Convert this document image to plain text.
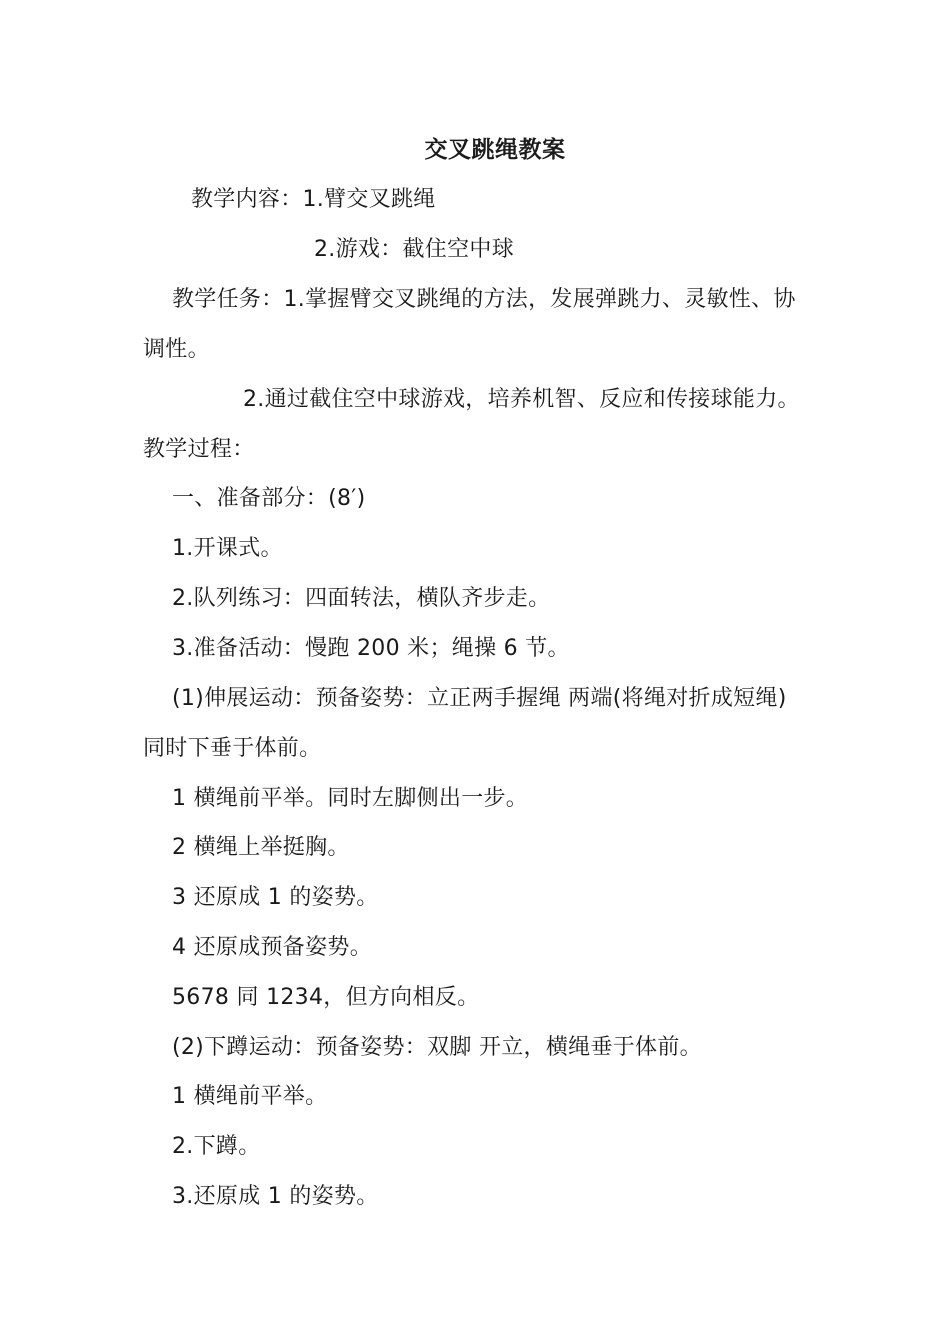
交叉跳绳教案
教学内容：1.臂交叉跳绳
2.游戏：截住空中球
教学任务：1.掌握臂交叉跳绳的方法，发展弹跳力、灵敏性、协
调性。
2.通过截住空中球游戏，培养机智、反应和传接球能力。
教学过程：
一、准备部分：(8′)
1.开课式。
2.队列练习：四面转法，横队齐步走。
3.准备活动：慢跑 200 米；绳操 6 节。
(1)伸展运动：预备姿势：立正两手握绳 两端(将绳对折成短绳)
同时下垂于体前。
1 横绳前平举。同时左脚侧出一步。
2 横绳上举挺胸。
3 还原成 1 的姿势。
4 还原成预备姿势。
5678 同 1234，但方向相反。
(2)下蹲运动：预备姿势：双脚 开立，横绳垂于体前。
1 横绳前平举。
2.下蹲。
3.还原成 1 的姿势。
